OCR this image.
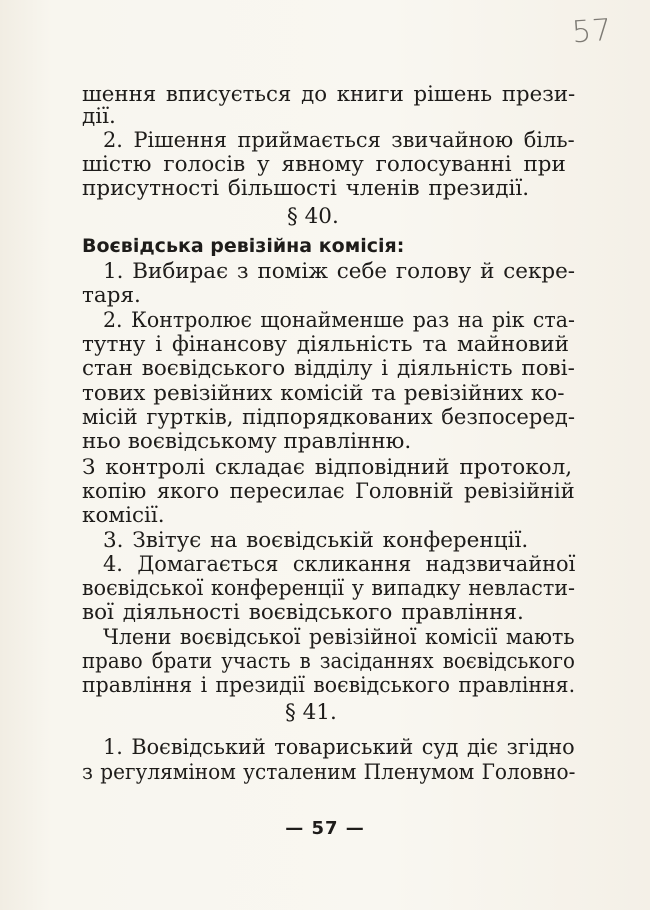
57
шення вписується до книги рішень прези-
дії.
2. Рішення приймається звичайною біль-
шістю голосів у явному голосуванні при
присутності більшості членів президії.
§ 40.
Воєвідська ревізійна комісія:
1. Вибирає з поміж себе голову й секре-
таря.
2. Контролює щонайменше раз на рік ста-
тутну і фінансову діяльність та майновий
стан воєвідського відділу і діяльність пові-
тових ревізійних комісій та ревізійних ко-
місій гуртків, підпорядкованих безпосеред-
ньо воєвідському правлінню.
З контролі складає відповідний протокол,
копію якого пересилає Головній ревізійній
комісії.
3. Звітує на воєвідській конференції.
4. Домагається скликання надзвичайної
воєвідської конференції у випадку невласти-
вої діяльності воєвідського правління.
Члени воєвідської ревізійної комісії мають
право брати участь в засіданнях воєвідського
правління і президії воєвідського правління.
§ 41.
1. Воєвідський товариський суд діє згідно
з регуляміном усталеним Пленумом Головно-
— 57 —
